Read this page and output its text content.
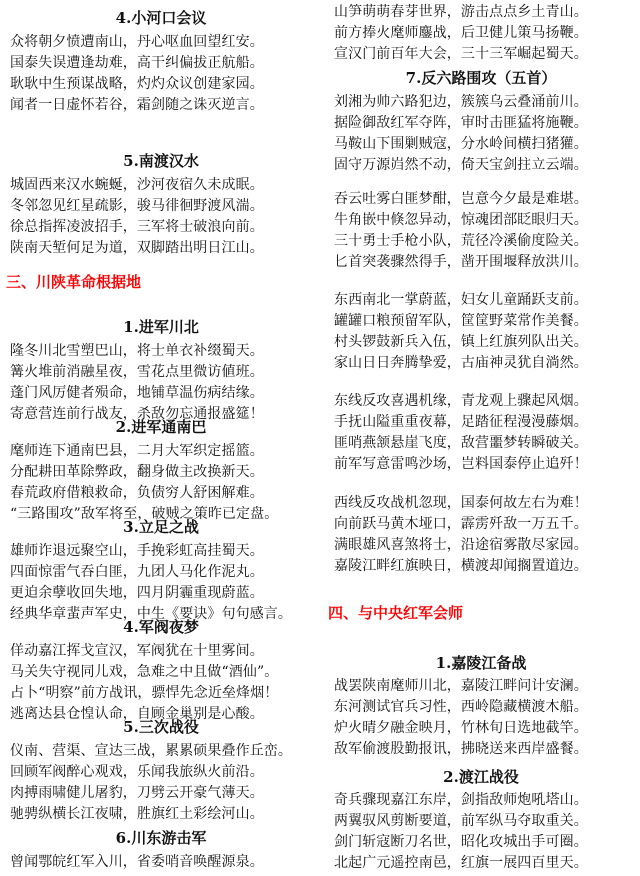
4.小河口会议
众将朝夕愤遭南山，丹心呕血回望红安。
国泰失误遭逢劫难，高干纠偏拔正航船。
耿耿中生预谋战略，灼灼众议创建家园。
闻者一日虚怀若谷，霜剑随之诛灭逆言。
5.南渡汉水
城固西来汉水蜿蜒，沙河夜宿久未成眠。
冬邻忽见红星疏影，骏马徘徊野渡风湍。
徐总指挥凌波招手，三军将士破浪向前。
陕南天堑何足为道，双脚踏出明日江山。
三、川陕革命根据地
1.进军川北
隆冬川北雪塑巴山，将士单衣补缀蜀天。
篝火堆前消融星夜，雪花点里微访値班。
蓬门风厉健者殒命，地铺草温伤病结缘。
寄意营连前行战友，杀敌勿忘通报盛筵！
2.进军通南巴
麾师连下通南巴县，二月大军织定摇篮。
分配耕田革除弊政，翻身做主改换新天。
春荒政府借粮救命，负债穷人舒困解难。
“三路围攻”敌军将至，破贼之策昨已定盘。
3.立足之战
雄师诈退远聚空山，手挽彩虹高挂蜀天。
四面惊雷气吞白匪，九团人马化作泥丸。
更迫余孽收回失地，四月阴霾重现蔚蓝。
经典华章蜚声军史，中生《要诀》句句感言。
4.军阀夜梦
佯动嘉江挥戈宣汉，军阀犹在十里雾间。
马关失守视同儿戏，急难之中且做“酒仙”。
占卜“明察”前方战讯，骠悍先念近垒烽烟！
逃离达县仓惶认命，自顾金巢别是心酸。
5.三次战役
仪南、营渠、宣达三战，累累硕果叠作丘峦。
回顾军阀醉心观戏，乐闻我旅纵火前沿。
肉搏雨啸健儿屠豹，刀劈云开豪气薄天。
驰骋纵横长江夜啸，胜旗红土彩绘河山。
6.川东游击军
曾闻鄂皖红军入川，省委哨音唤醒源泉。
山笋萌萌春芽世界，游击点点乡土青山。
前方捧火麾师鏖战，后卫健儿策马扬鞭。
宣汉门前百年大会，三十三军崛起蜀天。
7.反六路围攻（五首）
刘湘为帅六路犯边，簇簇乌云叠涌前川。
据险御敌红军夺阵，审时击匪猛将施鞭。
马鞍山下围剿贼寇，分水岭间横扫猪獾。
固守万源岿然不动，倚天宝剑拄立云端。
吞云吐雾白匪梦酣，岂意今夕最是难堪。
牛角嵌中倏忽异动，惊魂团部眨眼归天。
三十勇士手枪小队，荒径冷溪偷度险关。
匕首突袭骤然得手，凿开围堰释放洪川。
东西南北一掌蔚蓝，妇女儿童踊跃支前。
罐罐口粮预留军队，筐筐野菜常作美餐。
村头锣鼓新兵入伍，镇上红旗列队出关。
家山日日奔腾挚爱，古庙神灵犹自淌然。
东线反攻喜遇机缘，青龙观上骤起风烟。
手抚山隘重重夜幕，足踏征程漫漫藤烟。
匪哨燕颔悬崖飞度，敌营噩梦转瞬破关。
前军写意雷鸣沙场，岂料国泰停止追歼！
西线反攻战机忽现，国泰何故左右为难！
向前跃马黄木垭口，霹雳歼敌一万五千。
满眼雄风喜煞将士，沿途宿雾散尽家园。
嘉陵江畔红旗映日，横渡却闻搁置道边。
四、与中央红军会师
1.嘉陵江备战
战罢陕南麾师川北，嘉陵江畔问计安澜。
东河测试官兵习性，西岭隐藏横渡木船。
炉火晴夕融金映月，竹林旬日选地截竿。
敌军偷渡股勤报讯，拂晓送来西岸盛餐。
2.渡江战役
奇兵骤现嘉江东岸，剑指敌师炮吼塔山。
两翼驭风剪断要道，前军纵马夺取重关。
剑门斩寇断刀名世，昭化攻城出手可圈。
北起广元遥控南邑，红旗一展四百里天。
